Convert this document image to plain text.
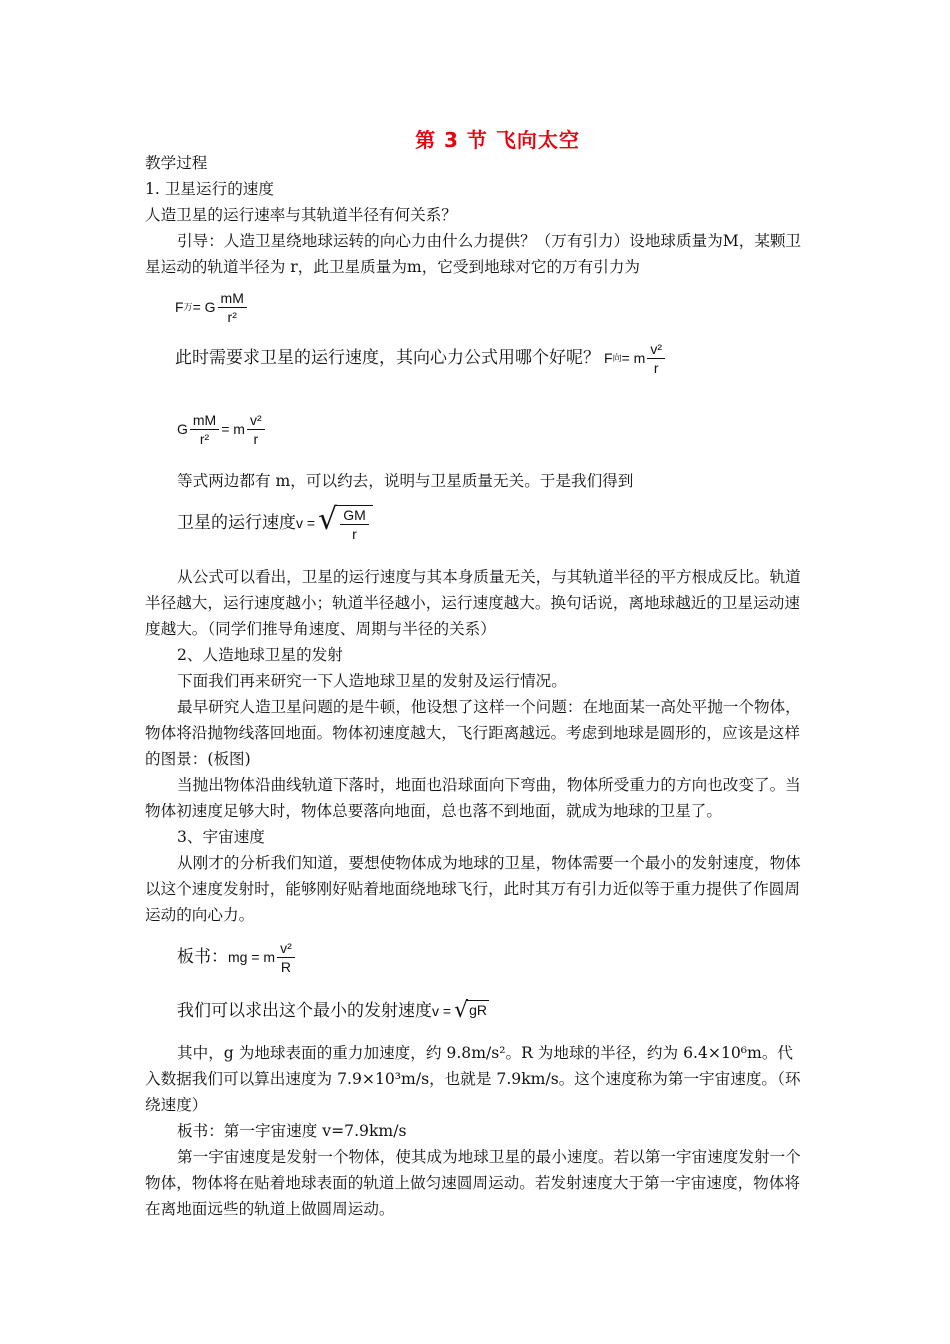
第 3 节 飞向太空

教学过程

1. 卫星运行的速度

人造卫星的运行速率与其轨道半径有何关系？

引导：人造卫星绕地球运转的向心力由什么力提供？（万有引力）设地球质量为M，某颗卫星运动的轨道半径为 r，此卫星质量为m，它受到地球对它的万有引力为

F 万 = G $\frac{mM}{\text{r²}}$
此时需要求卫星的运行速度，其向心力公式用哪个好呢？ F 向 = m $\frac{\text{v²}}{r}$
G $\frac{mM}{\text{r²}} = m \frac{\text{v²}}{r}$

等式两边都有 m，可以约去，说明与卫星质量无关。于是我们得到

卫星的运行速度 v = √ $\frac{GM}{r}$

从公式可以看出，卫星的运行速度与其本身质量无关，与其轨道半径的平方根成反比。轨道半径越大，运行速度越小；轨道半径越小，运行速度越大。换句话说，离地球越近的卫星运动速度越大。（同学们推导角速度、周期与半径的关系）

2、人造地球卫星的发射

下面我们再来研究一下人造地球卫星的发射及运行情况。

最早研究人造卫星问题的是牛顿，他设想了这样一个问题：在地面某一高处平抛一个物体，物体将沿抛物线落回地面。物体初速度越大，飞行距离越远。考虑到地球是圆形的，应该是这样的图景：(板图)

当抛出物体沿曲线轨道下落时，地面也沿球面向下弯曲，物体所受重力的方向也改变了。当物体初速度足够大时，物体总要落向地面，总也落不到地面，就成为地球的卫星了。

3、宇宙速度

从刚才的分析我们知道，要想使物体成为地球的卫星，物体需要一个最小的发射速度，物体以这个速度发射时，能够刚好贴着地面绕地球飞行，此时其万有引力近似等于重力提供了作圆周运动的向心力。

板书： mg = m $\frac{\text{v²}}{R}$
我们可以求出这个最小的发射速度 v = √ gR

其中，g 为地球表面的重力加速度，约 9.8m/s²。R 为地球的半径，约为 6.4×10⁶m。代入数据我们可以算出速度为 7.9×10³m/s，也就是 7.9km/s。这个速度称为第一宇宙速度。（环绕速度）

板书：第一宇宙速度 v=7.9km/s

第一宇宙速度是发射一个物体，使其成为地球卫星的最小速度。若以第一宇宙速度发射一个物体，物体将在贴着地球表面的轨道上做匀速圆周运动。若发射速度大于第一宇宙速度，物体将在离地面远些的轨道上做圆周运动。
